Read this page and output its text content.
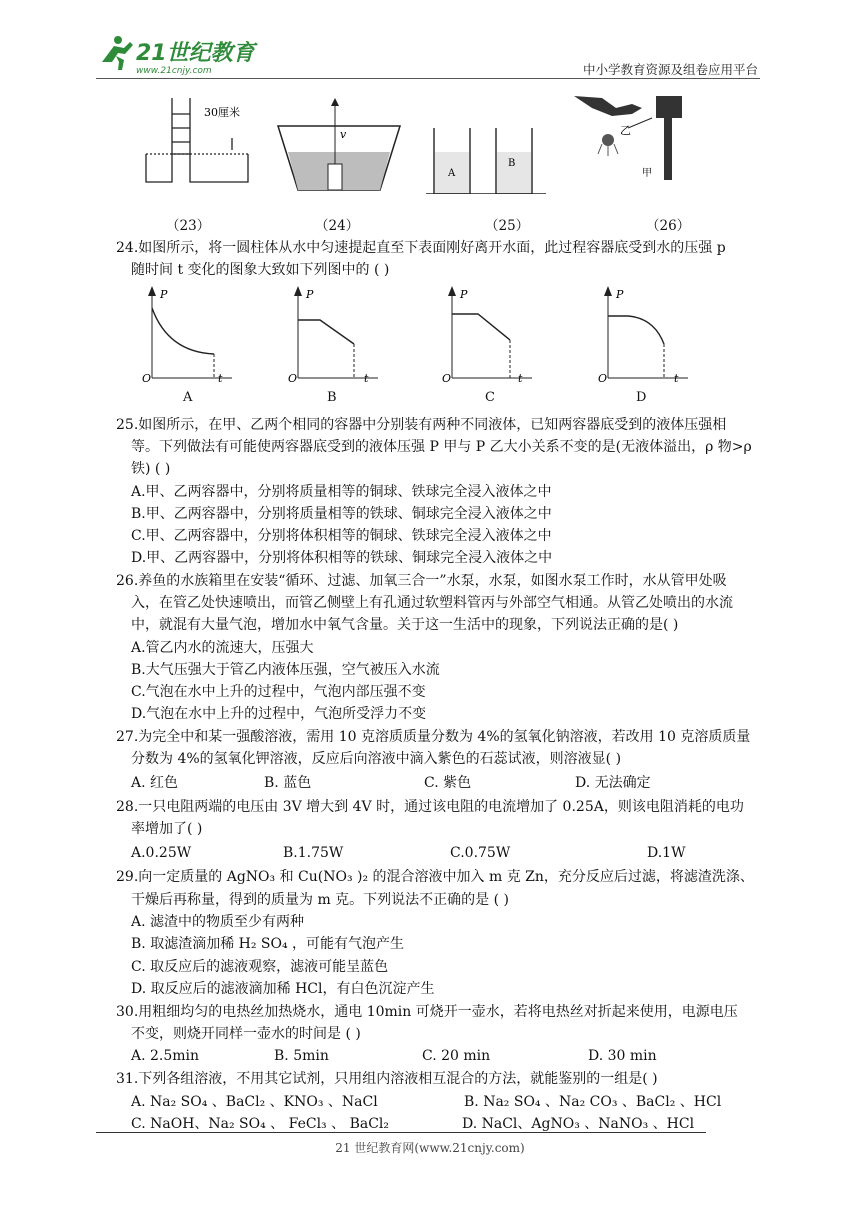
21世纪教育
www.21cnjy.com	中小学教育资源及组卷应用平台
30厘米
v
A
B
乙
甲
（23）	（24）	（25）	（26）
24.如图所示，将一圆柱体从水中匀速提起直至下表面刚好离开水面，此过程容器底受到水的压强 p
随时间 t 变化的图象大致如下列图中的 ( )
P
O	t
P
O	t
P
O	t
P
O	t
A	B	C	D
25.如图所示，在甲、乙两个相同的容器中分别装有两种不同液体，已知两容器底受到的液体压强相
等。下列做法有可能使两容器底受到的液体压强 P 甲与 P 乙大小关系不变的是(无液体溢出，ρ 物>ρ
铁) ( )
A.甲、乙两容器中，分别将质量相等的铜球、铁球完全浸入液体之中
B.甲、乙两容器中，分别将质量相等的铁球、铜球完全浸入液体之中
C.甲、乙两容器中，分别将体积相等的铜球、铁球完全浸入液体之中
D.甲、乙两容器中，分别将体积相等的铁球、铜球完全浸入液体之中
26.养鱼的水族箱里在安装“循环、过滤、加氧三合一”水泵，水泵，如图水泵工作时，水从管甲处吸
入，在管乙处快速喷出，而管乙侧壁上有孔通过软塑料管丙与外部空气相通。从管乙处喷出的水流
中，就混有大量气泡，增加水中氧气含量。关于这一生活中的现象，下列说法正确的是( )
A.管乙内水的流速大，压强大
B.大气压强大于管乙内液体压强，空气被压入水流
C.气泡在水中上升的过程中，气泡内部压强不变
D.气泡在水中上升的过程中，气泡所受浮力不变
27.为完全中和某一强酸溶液，需用 10 克溶质质量分数为 4%的氢氧化钠溶液，若改用 10 克溶质质量
分数为 4%的氢氧化钾溶液，反应后向溶液中滴入紫色的石蕊试液，则溶液显( )
A. 红色	B. 蓝色	C. 紫色	D. 无法确定
28.一只电阻两端的电压由 3V 增大到 4V 时，通过该电阻的电流增加了 0.25A，则该电阻消耗的电功
率增加了( )
A.0.25W	B.1.75W	C.0.75W	D.1W
29.向一定质量的 AgNO₃ 和 Cu(NO₃ )₂ 的混合溶液中加入 m 克 Zn，充分反应后过滤，将滤渣洗涤、
干燥后再称量，得到的质量为 m 克。下列说法不正确的是 ( )
A. 滤渣中的物质至少有两种
B. 取滤渣滴加稀 H₂ SO₄ ，可能有气泡产生
C. 取反应后的滤液观察，滤液可能呈蓝色
D. 取反应后的滤液滴加稀 HCl，有白色沉淀产生
30.用粗细均匀的电热丝加热烧水，通电 10min 可烧开一壶水，若将电热丝对折起来使用，电源电压
不变，则烧开同样一壶水的时间是 ( )
A. 2.5min	B. 5min	C. 20 min	D. 30 min
31.下列各组溶液，不用其它试剂，只用组内溶液相互混合的方法，就能鉴别的一组是( )
A. Na₂ SO₄ 、BaCl₂ 、KNO₃ 、NaCl	B. Na₂ SO₄ 、Na₂ CO₃ 、BaCl₂ 、HCl
C. NaOH、Na₂ SO₄ 、 FeCl₃ 、 BaCl₂	D. NaCl、AgNO₃ 、NaNO₃ 、HCl
21 世纪教育网(www.21cnjy.com)
